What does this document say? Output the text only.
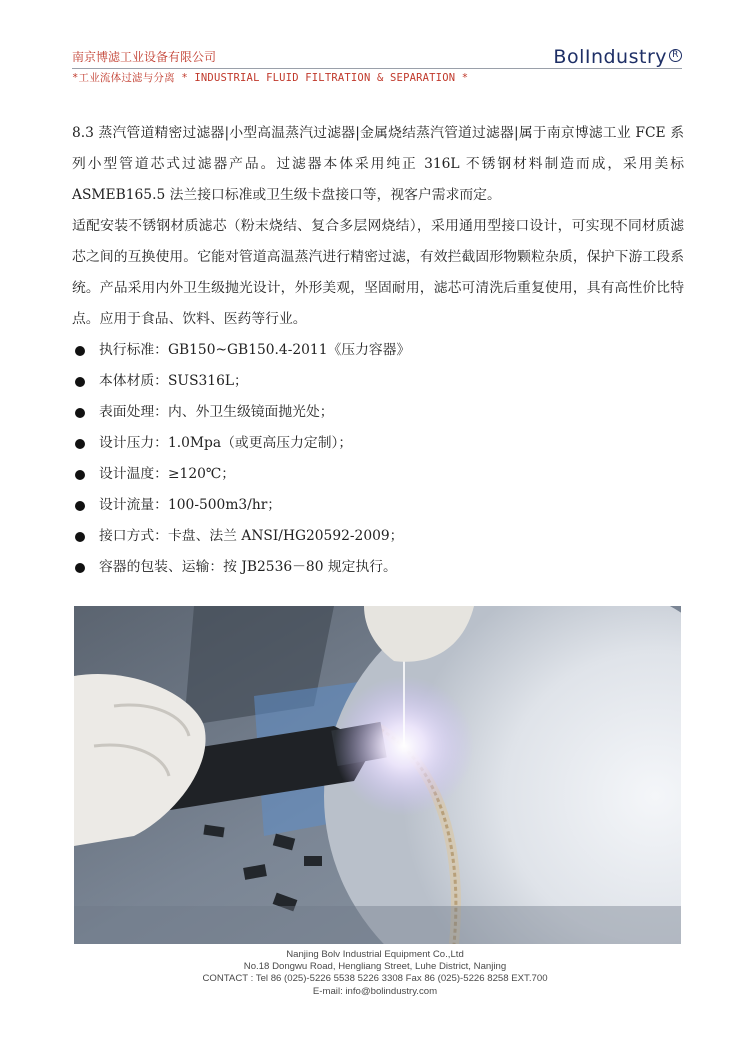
南京博滤工业设备有限公司
*工业流体过滤与分离 * INDUSTRIAL FLUID FILTRATION & SEPARATION *
BolIndustry R

8.3 蒸汽管道精密过滤器|小型高温蒸汽过滤器|金属烧结蒸汽管道过滤器|属于南京博滤工业 FCE 系列小型管道芯式过滤器产品。过滤器本体采用纯正 316L 不锈钢材料制造而成，采用美标 ASMEB165.5 法兰接口标准或卫生级卡盘接口等，视客户需求而定。

适配安装不锈钢材质滤芯（粉末烧结、复合多层网烧结），采用通用型接口设计，可实现不同材质滤芯之间的互换使用。它能对管道高温蒸汽进行精密过滤，有效拦截固形物颗粒杂质，保护下游工段系统。产品采用内外卫生级抛光设计，外形美观，坚固耐用，滤芯可清洗后重复使用，具有高性价比特点。应用于食品、饮料、医药等行业。

执行标准：GB150~GB150.4-2011《压力容器》
本体材质：SUS316L；
表面处理：内、外卫生级镜面抛光处；
设计压力：1.0Mpa（或更高压力定制）；
设计温度：≥120℃；
设计流量：100-500m3/hr；
接口方式：卡盘、法兰 ANSI/HG20592-2009；
容器的包装、运输：按 JB2536－80 规定执行。
Nanjing Bolv Industrial Equipment Co.,Ltd
No.18 Dongwu Road, Hengliang Street, Luhe District, Nanjing
CONTACT : Tel 86 (025)-5226 5538 5226 3308 Fax 86 (025)-5226 8258 EXT.700
E-mail: info@bolindustry.com
